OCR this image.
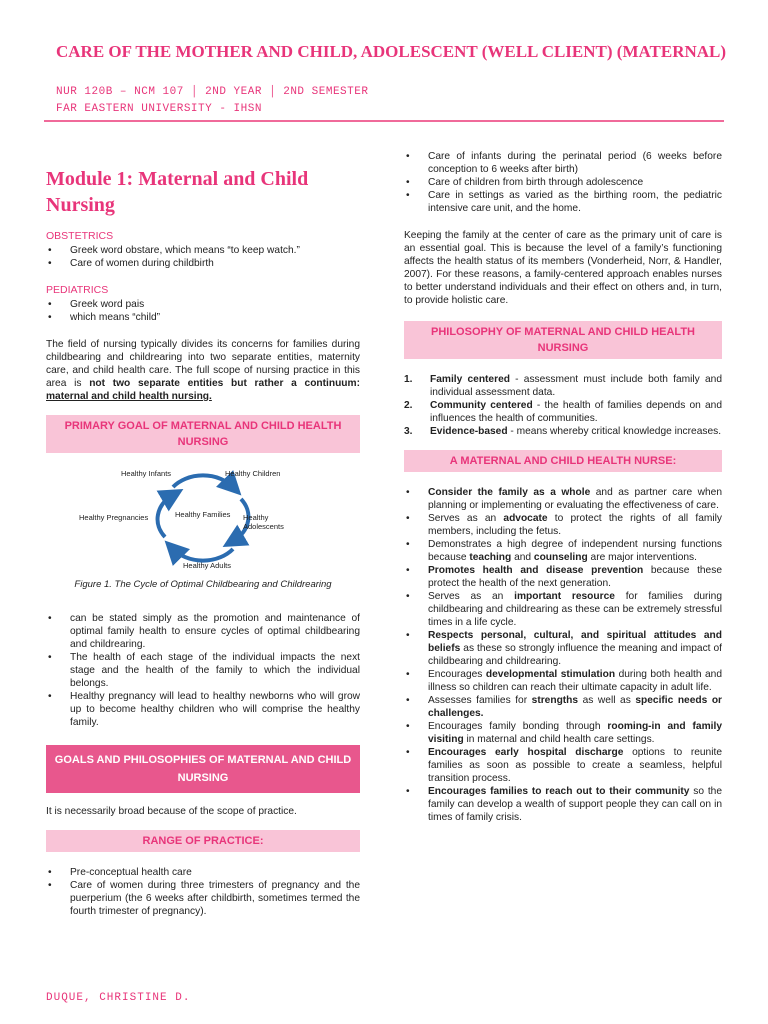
CARE OF THE MOTHER AND CHILD, ADOLESCENT (WELL CLIENT) (MATERNAL)
NUR 120B – NCM 107 │ 2ND YEAR │ 2ND SEMESTER
FAR EASTERN UNIVERSITY - IHSN
Module 1: Maternal and Child Nursing
OBSTETRICS
• Greek word obstare, which means “to keep watch.”
• Care of women during childbirth
PEDIATRICS
• Greek word pais
• which means “child”

The field of nursing typically divides its concerns for families during childbearing and childrearing into two separate entities, maternity care, and child health care. The full scope of nursing practice in this area is not two separate entities but rather a continuum: maternal and child health nursing.

PRIMARY GOAL OF MATERNAL AND CHILD HEALTH NURSING
Healthy Infants	Healthy Children
Healthy Pregnancies	Healthy Families Healthy Adolescents
Healthy Adults
Figure 1. The Cycle of Optimal Childbearing and Childrearing
• can be stated simply as the promotion and maintenance of optimal family health to ensure cycles of optimal childbearing and childrearing.
• The health of each stage of the individual impacts the next stage and the health of the family to which the individual belongs.
• Healthy pregnancy will lead to healthy newborns who will grow up to become healthy children who will comprise the healthy family.
GOALS AND PHILOSOPHIES OF MATERNAL AND CHILD NURSING

It is necessarily broad because of the scope of practice.

RANGE OF PRACTICE:
• Pre-conceptual health care
• Care of women during three trimesters of pregnancy and the puerperium (the 6 weeks after childbirth, sometimes termed the fourth trimester of pregnancy).
• Care of infants during the perinatal period (6 weeks before conception to 6 weeks after birth)
• Care of children from birth through adolescence
• Care in settings as varied as the birthing room, the pediatric intensive care unit, and the home.

Keeping the family at the center of care as the primary unit of care is an essential goal. This is because the level of a family’s functioning affects the health status of its members (Vonderheid, Norr, & Handler, 2007). For these reasons, a family-centered approach enables nurses to better understand individuals and their effect on others and, in turn, to provide holistic care.

PHILOSOPHY OF MATERNAL AND CHILD HEALTH NURSING
1. Family centered - assessment must include both family and individual assessment data.
2. Community centered - the health of families depends on and influences the health of communities.
3. Evidence-based - means whereby critical knowledge increases.
A MATERNAL AND CHILD HEALTH NURSE:
• Consider the family as a whole and as partner care when planning or implementing or evaluating the effectiveness of care.
• Serves as an advocate to protect the rights of all family members, including the fetus.
• Demonstrates a high degree of independent nursing functions because teaching and counseling are major interventions.
• Promotes health and disease prevention because these protect the health of the next generation.
• Serves as an important resource for families during childbearing and childrearing as these can be extremely stressful times in a life cycle.
• Respects personal, cultural, and spiritual attitudes and beliefs as these so strongly influence the meaning and impact of childbearing and childrearing.
• Encourages developmental stimulation during both health and illness so children can reach their ultimate capacity in adult life.
• Assesses families for strengths as well as specific needs or challenges.
• Encourages family bonding through rooming-in and family visiting in maternal and child health care settings.
• Encourages early hospital discharge options to reunite families as soon as possible to create a seamless, helpful transition process.
• Encourages families to reach out to their community so the family can develop a wealth of support people they can call on in times of family crisis.
DUQUE, CHRISTINE D.
